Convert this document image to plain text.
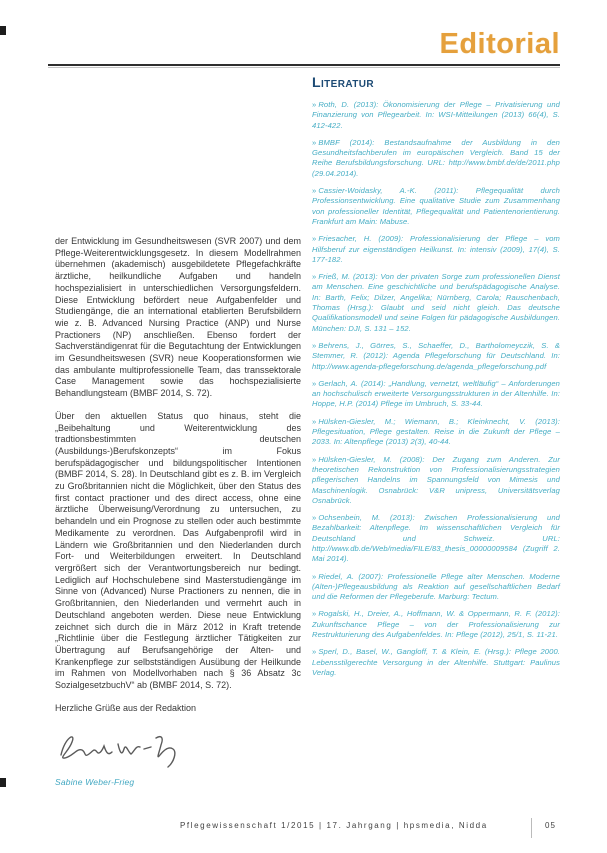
Editorial

der Entwicklung im Gesundheitswesen (SVR 2007) und dem Pflege-Weiterentwicklungsgesetz. In diesem Modellrahmen übernehmen (akademisch) ausgebildetete Pflegefachkräfte ärztliche, heilkundliche Aufgaben und handeln hochspezialisiert in unterschiedlichen Versorgungsfeldern. Diese Entwicklung befördert neue Aufgabenfelder und Studiengänge, die an international etablierten Berufsbildern wie z. B. Advanced Nursing Practice (ANP) und Nurse Practioners (NP) anschließen. Ebenso fordert der Sachverständigenrat für die Begutachtung der Entwicklungen im Gesundheitswesen (SVR) neue Kooperationsformen wie das ambulante multiprofessionelle Team, das transsektorale Case Management sowie das hochspezialisierte Behandlungsteam (BMBF 2014, S. 72).

Über den aktuellen Status quo hinaus, steht die „Beibehaltung und Weiterentwicklung des tradtionsbestimmten deutschen (Ausbildungs-)Berufskonzepts“ im Fokus berufspädagogischer und bildungspolitischer Intentionen (BMBF 2014, S. 28). In Deutschland gibt es z. B. im Vergleich zu Großbritannien nicht die Möglichkeit, über den Status des first contact practioner und des direct access, ohne eine ärztliche Überweisung/Verordnung zu untersuchen, zu behandeln und ein Prognose zu stellen oder auch bestimmte Medikamente zu verordnen. Das Aufgabenprofil wird in Ländern wie Großbritannien und den Niederlanden durch Fort- und Weiterbildungen erweitert. In Deutschland vergrößert sich der Verantwortungsbereich nur bedingt. Lediglich auf Hochschulebene sind Masterstudiengänge im Sinne von (Advanced) Nurse Practioners zu nennen, die in Großbritannien, den Niederlanden und vermehrt auch in Deutschland angeboten werden. Diese neue Entwicklung zeichnet sich durch die in März 2012 in Kraft tretende „Richtlinie über die Festlegung ärztlicher Tätigkeiten zur Übertragung auf Berufsangehörige der Alten- und Krankenpflege zur selbstständigen Ausübung der Heilkunde im Rahmen von Modellvorhaben nach § 36 Absatz 3c SozialgesetzbuchV“ ab (BMBF 2014, S. 72).

Herzliche Grüße aus der Redaktion

Sabine Weber-Frieg
Literatur
» Roth, D. (2013): Ökonomisierung der Pflege – Privatisierung und Finanzierung von Pflegearbeit. In: WSI-Mitteilungen (2013) 66(4), S. 412-422.
» BMBF (2014): Bestandsaufnahme der Ausbildung in den Gesundheitsfachberufen im europäischen Vergleich. Band 15 der Reihe Berufsbildungsforschung. URL: http://www.bmbf.de/de/2011.php (29.04.2014).
» Cassier-Woidasky, A.-K. (2011): Pflegequalität durch Professionsentwicklung. Eine qualitative Studie zum Zusammenhang von professioneller Identität, Pflegequalität und Patientenorientierung. Frankfurt am Main: Mabuse.
» Friesacher, H. (2009): Professionalisierung der Pflege – vom Hilfsberuf zur eigenständigen Heilkunst. In: intensiv (2009), 17(4), S. 177-182.
» Frieß, M. (2013): Von der privaten Sorge zum professionellen Dienst am Menschen. Eine geschichtliche und berufspädagogische Analyse. In: Barth, Felix; Dilzer, Angelika; Nürnberg, Carola; Rauschenbach, Thomas (Hrsg.): Glaubt und seid nicht gleich. Das deutsche Qualifikationsmodell und seine Folgen für pädagogische Ausbildungen. München: DJI, S. 131 – 152.
» Behrens, J., Görres, S., Schaeffer, D., Bartholomeyczik, S. & Stemmer, R. (2012): Agenda Pflegeforschung für Deutschland. In: http://www.agenda-pflegeforschung.de/agenda_pflegeforschung.pdf
» Gerlach, A. (2014): „Handlung, vernetzt, weltläufig“ – Anforderungen an hochschulisch erweiterte Versorgungsstrukturen in der Altenhilfe. In: Hoppe, H.P. (2014) Pflege im Umbruch, S. 33-44.
» Hülsken-Giesler, M.; Wiemann, B.; Kleinknecht, V. (2013): Pflegesituation, Pflege gestalten. Reise in die Zukunft der Pflege – 2033. In: Altenpflege (2013) 2(3), 40-44.
» Hülsken-Giesler, M. (2008): Der Zugang zum Anderen. Zur theoretischen Rekonstruktion von Professionalisierungsstrategien pflegerischen Handelns im Spannungsfeld von Mimesis und Maschinenlogik. Osnabrück: V&R unipress, Universitätsverlag Osnabrück.
» Ochsenbein, M. (2013): Zwischen Professionalisierung und Bezahlbarkeit: Altenpflege. Im wissenschaftlichen Vergleich für Deutschland und Schweiz. URL: http://www.db.de/Web/media/FILE/83_thesis_00000009584 (Zugriff 2. Mai 2014).
» Riedel, A. (2007): Professionelle Pflege alter Menschen. Moderne (Alten-)Pflegeausbildung als Reaktion auf gesellschaftlichen Bedarf und die Reformen der Pflegeberufe. Marburg: Tectum.
» Rogalski, H., Dreier, A., Hoffmann, W. & Oppermann, R. F. (2012): Zukunftschance Pflege – von der Professionalisierung zur Restrukturierung des Aufgabenfeldes. In: Pflege (2012), 25/1, S. 11-21.
» Sperl, D., Basel, W., Gangloff, T. & Klein, E. (Hrsg.): Pflege 2000. Lebensstilgerechte Versorgung in der Altenhilfe. Stuttgart: Paulinus Verlag.
Pflegewissenschaft 1/2015 | 17. Jahrgang | hpsmedia, Nidda	05
